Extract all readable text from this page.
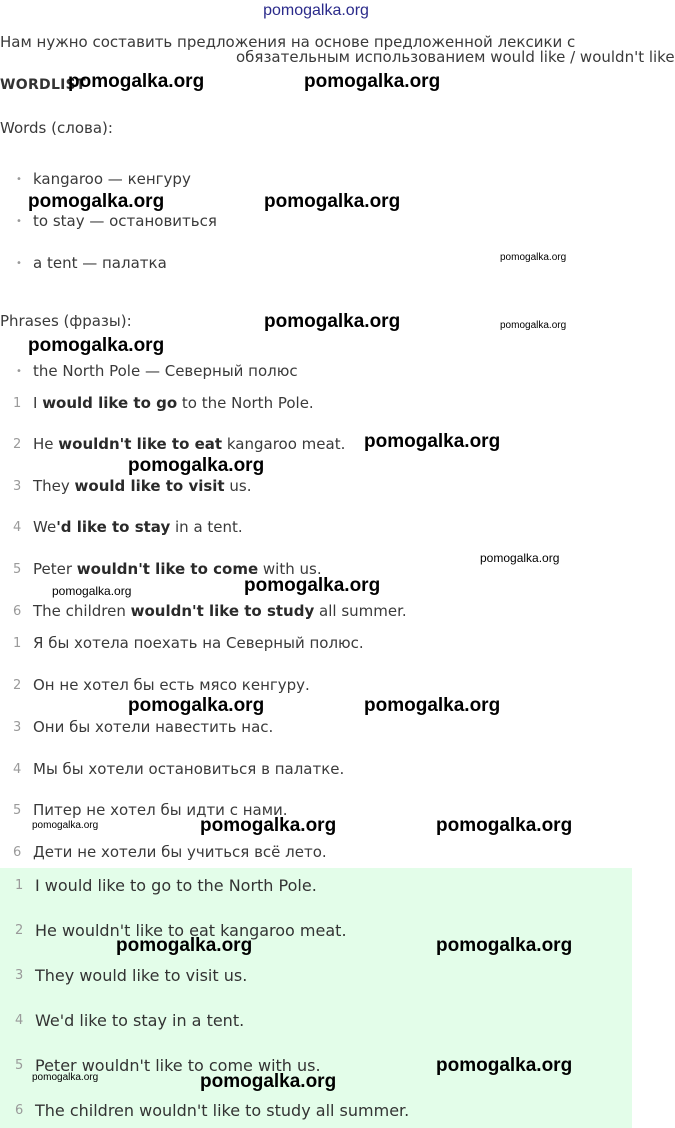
pomogalka.org
Нам нужно составить предложения на основе предложенной лексики с
обязательным использованием would like / wouldn't like
WORDLIST
Words (слова):
• kangaroo — кенгуру
• to stay — остановиться
• a tent — палатка
Phrases (фразы):
• the North Pole — Северный полюс
1 I would like to go to the North Pole.
2 He wouldn't like to eat kangaroo meat.
3 They would like to visit us.
4 We'd like to stay in a tent.
5 Peter wouldn't like to come with us.
6 The children wouldn't like to study all summer.
1 Я бы хотела поехать на Северный полюс.
2 Он не хотел бы есть мясо кенгуру.
3 Они бы хотели навестить нас.
4 Мы бы хотели остановиться в палатке.
5 Питер не хотел бы идти с нами.
6 Дети не хотели бы учиться всё лето.
1 I would like to go to the North Pole.
2 He wouldn't like to eat kangaroo meat.
3 They would like to visit us.
4 We'd like to stay in a tent.
5 Peter wouldn't like to come with us.
6 The children wouldn't like to study all summer.
pomogalka.org	pomogalka.org
pomogalka.org	pomogalka.org
pomogalka.org
pomogalka.org	pomogalka.org
pomogalka.org
pomogalka.org
pomogalka.org
pomogalka.org
pomogalka.org
pomogalka.org
pomogalka.org	pomogalka.org
pomogalka.org	pomogalka.org	pomogalka.org
pomogalka.org	pomogalka.org
pomogalka.org
pomogalka.org	pomogalka.org
